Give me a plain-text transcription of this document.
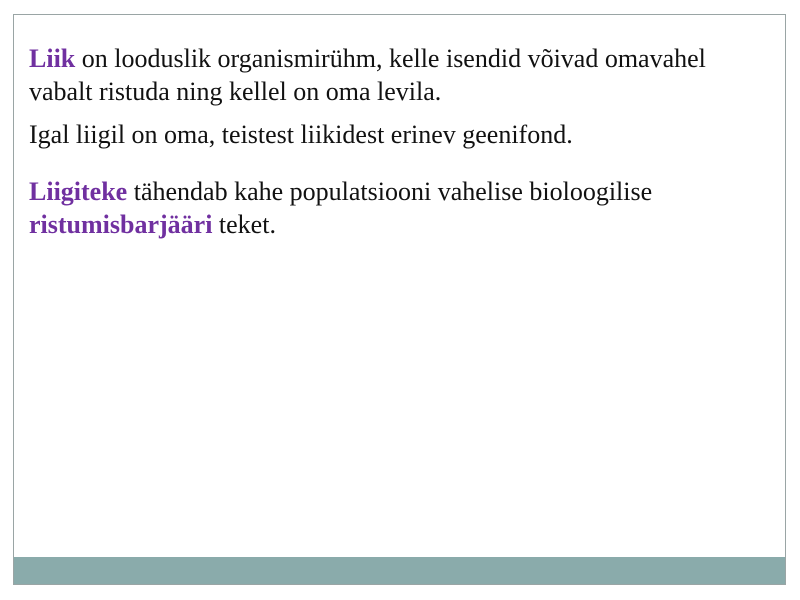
Liik on looduslik organismirühm, kelle isendid võivad omavahel vabalt ristuda ning kellel on oma levila.

Igal liigil on oma, teistest liikidest erinev geenifond.

Liigiteke tähendab kahe populatsiooni vahelise bioloogilise  ristumisbarjääri teket.
